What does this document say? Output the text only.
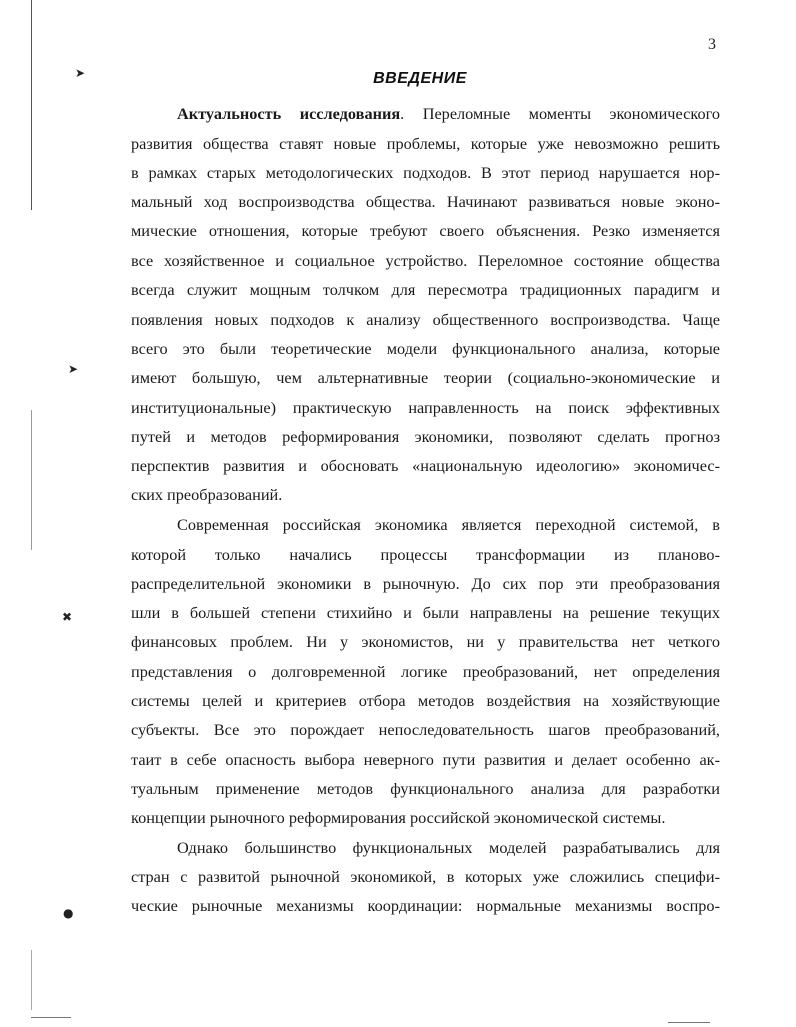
➤
➤
✖
●
3
ВВЕДЕНИЕ
Актуальность исследования. Переломные моменты экономического
развития общества ставят новые проблемы, которые уже невозможно решить
в рамках старых методологических подходов. В этот период нарушается нор-
мальный ход воспроизводства общества. Начинают развиваться новые эконо-
мические отношения, которые требуют своего объяснения. Резко изменяется
все хозяйственное и социальное устройство. Переломное состояние общества
всегда служит мощным толчком для пересмотра традиционных парадигм и
появления новых подходов к анализу общественного воспроизводства. Чаще
всего это были теоретические модели функционального анализа, которые
имеют большую, чем альтернативные теории (социально-экономические и
институциональные) практическую направленность на поиск эффективных
путей и методов реформирования экономики, позволяют сделать прогноз
перспектив развития и обосновать «национальную идеологию» экономичес-
ских преобразований.
Современная российская экономика является переходной системой, в
которой только начались процессы трансформации из планово-
распределительной экономики в рыночную. До сих пор эти преобразования
шли в большей степени стихийно и были направлены на решение текущих
финансовых проблем. Ни у экономистов, ни у правительства нет четкого
представления о долговременной логике преобразований, нет определения
системы целей и критериев отбора методов воздействия на хозяйствующие
субъекты. Все это порождает непоследовательность шагов преобразований,
таит в себе опасность выбора неверного пути развития и делает особенно ак-
туальным применение методов функционального анализа для разработки
концепции рыночного реформирования российской экономической системы.
Однако большинство функциональных моделей разрабатывались для
стран с развитой рыночной экономикой, в которых уже сложились специфи-
ческие рыночные механизмы координации: нормальные механизмы воспро-
